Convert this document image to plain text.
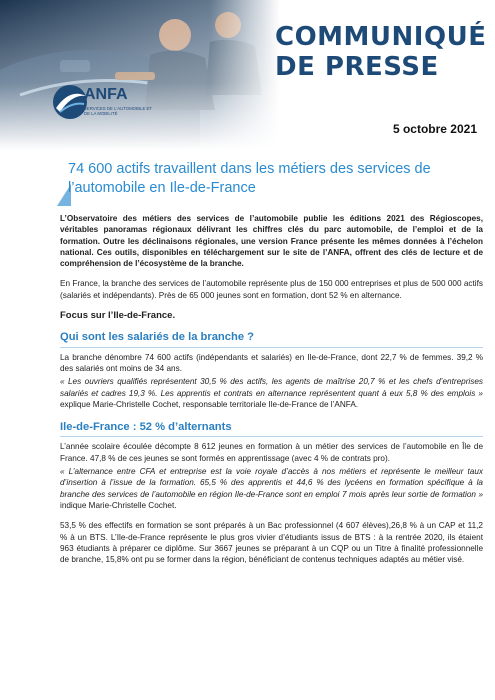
COMMUNIQUÉ
DE PRESSE
ANFA
SERVICES DE L'AUTOMOBILE ET DE LA MOBILITÉ
5 octobre 2021
74 600 actifs travaillent dans les métiers des services de l’automobile en Ile-de-France

L’Observatoire des métiers des services de l’automobile publie les éditions 2021 des Régioscopes, véritables panoramas régionaux délivrant les chiffres clés du parc automobile, de l’emploi et de la formation. Outre les déclinaisons régionales, une version France présente les mêmes données à l’échelon national. Ces outils, disponibles en téléchargement sur le site de l’ANFA, offrent des clés de lecture et de compréhension de l’écosystème de la branche.

En France, la branche des services de l’automobile représente plus de 150 000 entreprises et plus de 500 000 actifs (salariés et indépendants). Près de 65 000 jeunes sont en formation, dont 52 % en alternance.

Focus sur l’Ile-de-France.
Qui sont les salariés de la branche ?

La branche dénombre 74 600 actifs (indépendants et salariés) en Ile-de-France, dont 22,7 % de femmes. 39,2 % des salariés ont moins de 34 ans.

« Les ouvriers qualifiés représentent 30,5 % des actifs, les agents de maîtrise 20,7 % et les chefs d’entreprises salariés et cadres 19,3 %. Les apprentis et contrats en alternance représentent quant à eux 5,8 % des emplois » explique Marie-Christelle Cochet, responsable territoriale Ile-de-France de l’ANFA.

Ile-de-France : 52 % d’alternants

L’année scolaire écoulée décompte 8 612 jeunes en formation à un métier des services de l’automobile en Île de France. 47,8 % de ces jeunes se sont formés en apprentissage (avec 4 % de contrats pro).

« L’alternance entre CFA et entreprise est la voie royale d’accès à nos métiers et représente le meilleur taux d’insertion à l’issue de la formation. 65,5 % des apprentis et 44,6 % des lycéens en formation spécifique à la branche des services de l’automobile en région Ile-de-France sont en emploi 7 mois après leur sortie de formation » indique Marie-Christelle Cochet.

53,5 % des effectifs en formation se sont préparés à un Bac professionnel (4 607 élèves),26,8 % à un CAP et 11,2 % à un BTS. L’Ile-de-France représente le plus gros vivier d’étudiants issus de BTS : à la rentrée 2020, ils étaient 963 étudiants à préparer ce diplôme. Sur 3667 jeunes se préparant à un CQP ou un Titre à finalité professionnelle de branche, 15,8% ont pu se former dans la région, bénéficiant de contenus techniques adaptés au métier visé.
